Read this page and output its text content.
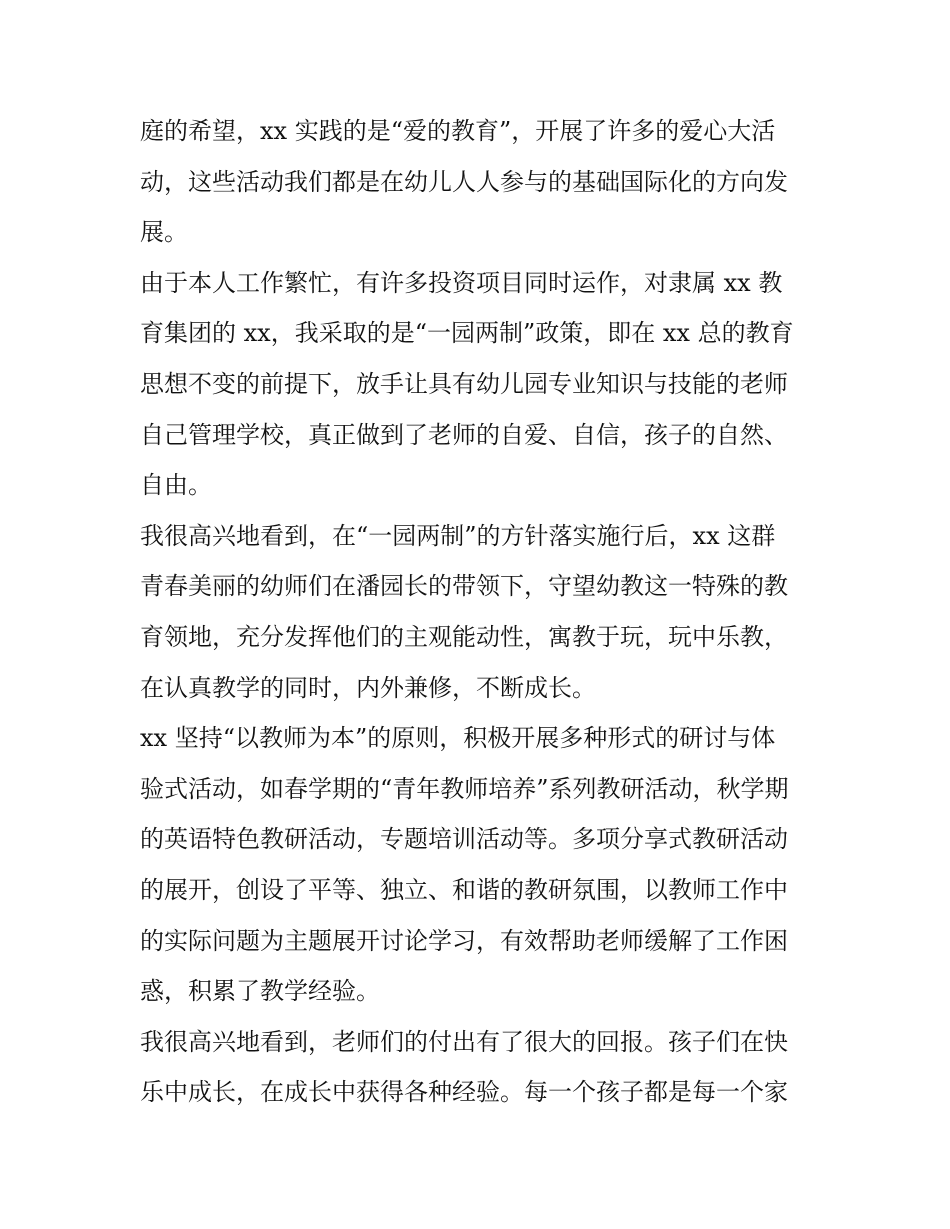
庭的希望，xx 实践的是“爱的教育”，开展了许多的爱心大活
动，这些活动我们都是在幼儿人人参与的基础国际化的方向发
展。
由于本人工作繁忙，有许多投资项目同时运作，对隶属 xx 教
育集团的 xx，我采取的是“一园两制”政策，即在 xx 总的教育
思想不变的前提下，放手让具有幼儿园专业知识与技能的老师
自己管理学校，真正做到了老师的自爱、自信，孩子的自然、
自由。
我很高兴地看到，在“一园两制”的方针落实施行后，xx 这群
青春美丽的幼师们在潘园长的带领下，守望幼教这一特殊的教
育领地，充分发挥他们的主观能动性，寓教于玩，玩中乐教，
在认真教学的同时，内外兼修，不断成长。
xx 坚持“以教师为本”的原则，积极开展多种形式的研讨与体
验式活动，如春学期的“青年教师培养”系列教研活动，秋学期
的英语特色教研活动，专题培训活动等。多项分享式教研活动
的展开，创设了平等、独立、和谐的教研氛围，以教师工作中
的实际问题为主题展开讨论学习，有效帮助老师缓解了工作困
惑，积累了教学经验。
我很高兴地看到，老师们的付出有了很大的回报。孩子们在快
乐中成长，在成长中获得各种经验。每一个孩子都是每一个家
